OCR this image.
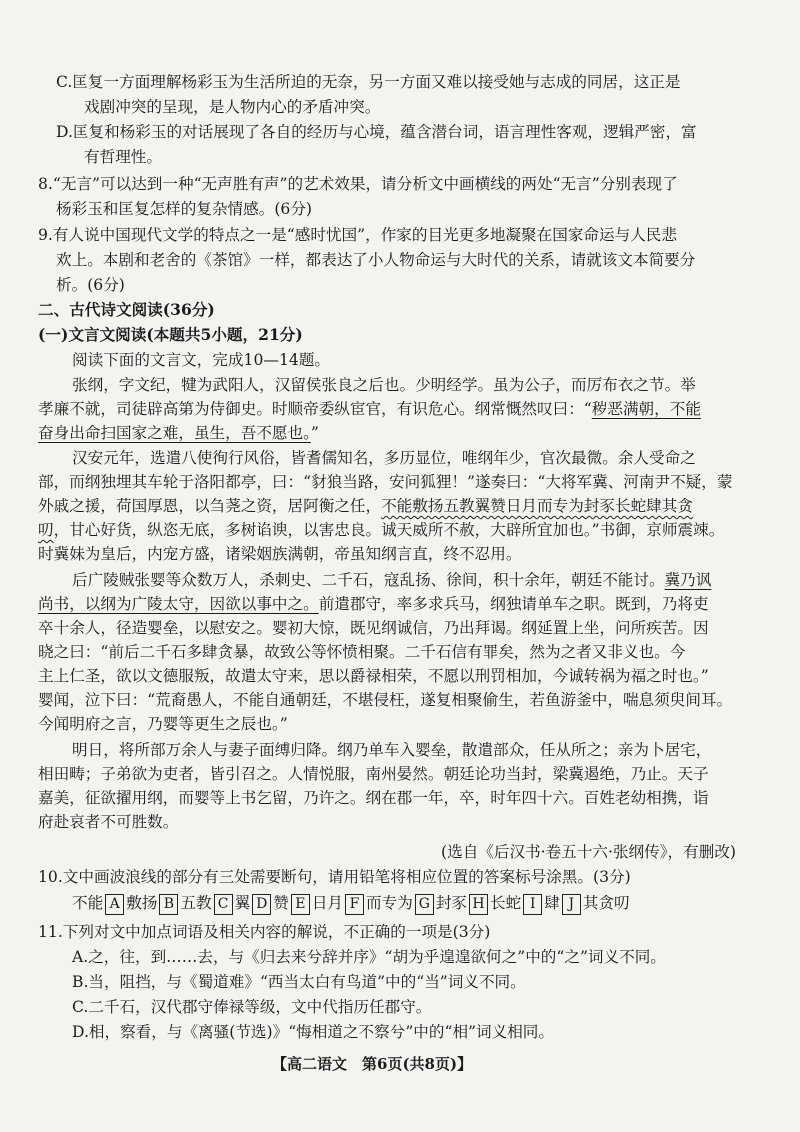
C.匡复一方面理解杨彩玉为生活所迫的无奈，另一方面又难以接受她与志成的同居，这正是
戏剧冲突的呈现，是人物内心的矛盾冲突。
D.匡复和杨彩玉的对话展现了各自的经历与心境，蕴含潜台词，语言理性客观，逻辑严密，富
有哲理性。
8.“无言”可以达到一种“无声胜有声”的艺术效果，请分析文中画横线的两处“无言”分别表现了
杨彩玉和匡复怎样的复杂情感。(6分)
9.有人说中国现代文学的特点之一是“感时忧国”，作家的目光更多地凝聚在国家命运与人民悲
欢上。本剧和老舍的《茶馆》一样，都表达了小人物命运与大时代的关系，请就该文本简要分
析。(6分)
二、古代诗文阅读(36分)
(一)文言文阅读(本题共5小题，21分)
阅读下面的文言文，完成10—14题。
张纲，字文纪，犍为武阳人，汉留侯张良之后也。少明经学。虽为公子，而厉布衣之节。举
孝廉不就，司徒辟高第为侍御史。时顺帝委纵宦官，有识危心。纲常慨然叹曰：“秽恶满朝，不能
奋身出命扫国家之难，虽生，吾不愿也。”
汉安元年，选遣八使徇行风俗，皆耆儒知名，多历显位，唯纲年少，官次最微。余人受命之
部，而纲独埋其车轮于洛阳都亭，曰：“豺狼当路，安问狐狸！”遂奏曰：“大将军冀、河南尹不疑，蒙
外戚之援，荷国厚恩，以刍荛之资，居阿衡之任，不能敷扬五教翼赞日月而专为封豕长蛇肆其贪
叨，甘心好货，纵恣无底，多树谄谀，以害忠良。诚天威所不赦，大辟所宜加也。”书御，京师震竦。
时冀妹为皇后，内宠方盛，诸梁姻族满朝，帝虽知纲言直，终不忍用。
后广陵贼张婴等众数万人，杀刺史、二千石，寇乱扬、徐间，积十余年，朝廷不能讨。冀乃讽
尚书，以纲为广陵太守，因欲以事中之。前遣郡守，率多求兵马，纲独请单车之职。既到，乃将吏
卒十余人，径造婴垒，以慰安之。婴初大惊，既见纲诚信，乃出拜谒。纲延置上坐，问所疾苦。因
晓之曰：“前后二千石多肆贪暴，故致公等怀愤相聚。二千石信有罪矣，然为之者又非义也。今
主上仁圣，欲以文德服叛，故遣太守来，思以爵禄相荣，不愿以刑罚相加，今诚转祸为福之时也。”
婴闻，泣下曰：“荒裔愚人，不能自通朝廷，不堪侵枉，遂复相聚偷生，若鱼游釜中，喘息须臾间耳。
今闻明府之言，乃婴等更生之辰也。”
明日，将所部万余人与妻子面缚归降。纲乃单车入婴垒，散遣部众，任从所之；亲为卜居宅，
相田畴；子弟欲为吏者，皆引召之。人情悦服，南州晏然。朝廷论功当封，梁冀遏绝，乃止。天子
嘉美，征欲擢用纲，而婴等上书乞留，乃许之。纲在郡一年，卒，时年四十六。百姓老幼相携，诣
府赴哀者不可胜数。
(选自《后汉书·卷五十六·张纲传》，有删改)
10.文中画波浪线的部分有三处需要断句，请用铅笔将相应位置的答案标号涂黑。(3分)
不能 A 敷扬 B 五教 C 翼 D 赞 E 日月 F 而专为 G 封豕 H 长蛇 I 肆 J 其贪叨
11.下列对文中加点词语及相关内容的解说，不正确的一项是(3分)
A.之，往，到……去，与《归去来兮辞并序》“胡为乎遑遑欲何之”中的“之”词义不同。
B.当，阻挡，与《蜀道难》“西当太白有鸟道”中的“当”词义不同。
C.二千石，汉代郡守俸禄等级，文中代指历任郡守。
D.相，察看，与《离骚(节选)》“悔相道之不察兮”中的“相”词义相同。
【高二语文　第6页(共8页)】
